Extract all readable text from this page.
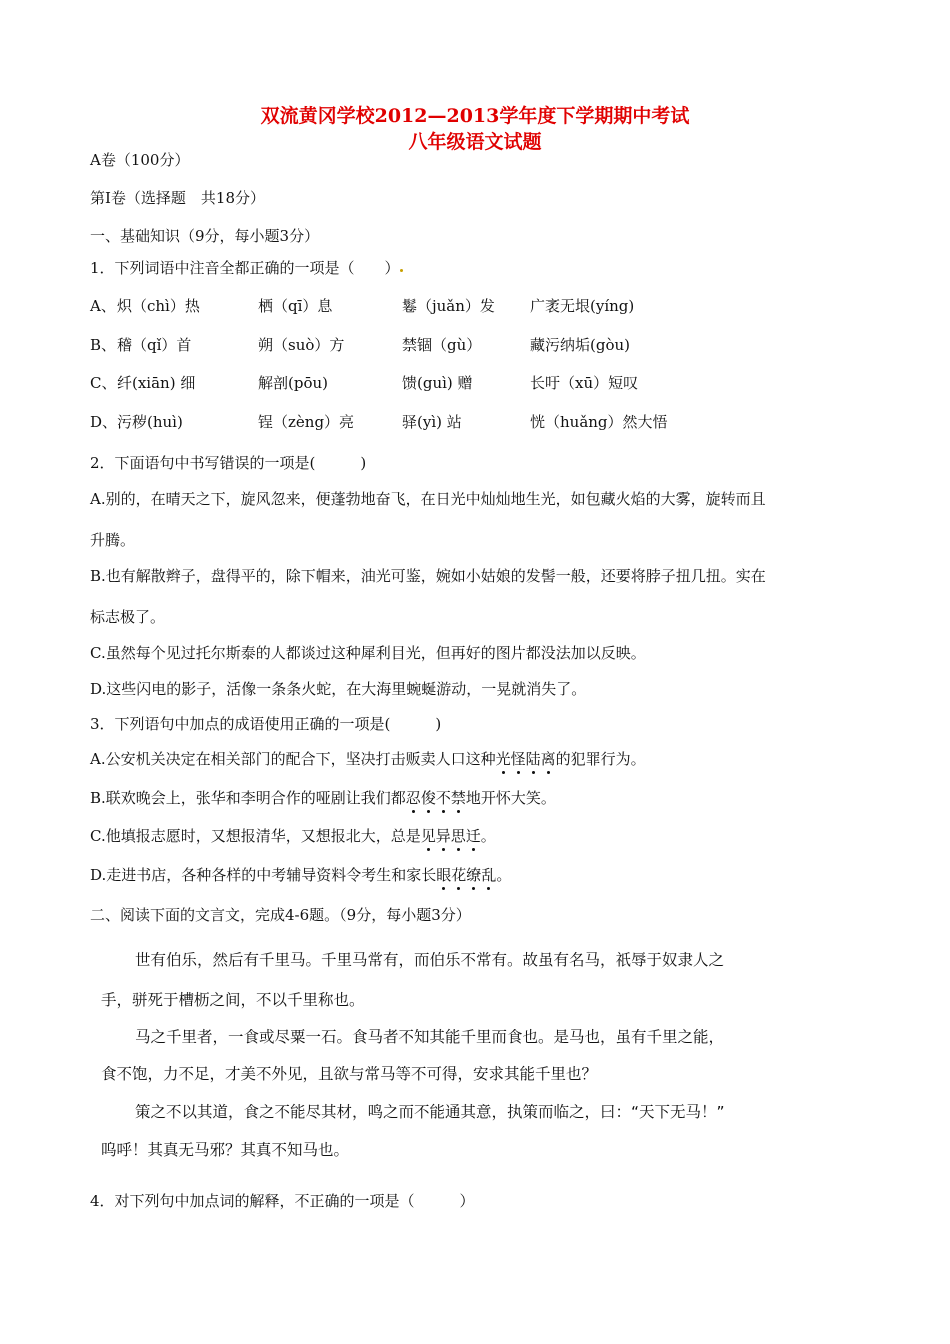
双流黄冈学校2012—2013学年度下学期期中考试
八年级语文试题
A卷（100分）
第Ⅰ卷（选择题　共18分）
一、基础知识（9分，每小题3分）
1．下列词语中注音全都正确的一项是（　　）
A、 炽（chì）热	栖（qī）息	鬈（juǎn）发 广袤无垠(yíng)
B、 稽（qǐ）首	朔（suò）方	禁锢（gù）	藏污纳垢(gòu)
C、 纤(xiān) 细	解剖(pōu)	馈(guì) 赠	长吁（xū）短叹
D、 污秽(huì)	锃（zèng）亮	驿(yì) 站	恍（huǎng）然大悟
2．下面语句中书写错误的一项是(　　　)
A.别的，在晴天之下，旋风忽来，便蓬勃地奋飞，在日光中灿灿地生光，如包藏火焰的大雾，旋转而且
升腾。
B.也有解散辫子，盘得平的，除下帽来，油光可鉴，婉如小姑娘的发髻一般，还要将脖子扭几扭。实在
标志极了。
C.虽然每个见过托尔斯泰的人都谈过这种犀利目光，但再好的图片都没法加以反映。
D.这些闪电的影子，活像一条条火蛇，在大海里蜿蜒游动，一晃就消失了。
3．下列语句中加点的成语使用正确的一项是(　　　)
A.公安机关决定在相关部门的配合下，坚决打击贩卖人口这种光怪陆离的犯罪行为。
B.联欢晚会上，张华和李明合作的哑剧让我们都忍俊不禁地开怀大笑。
C.他填报志愿时，又想报清华，又想报北大，总是见异思迁。
D.走进书店，各种各样的中考辅导资料令考生和家长眼花缭乱。
二、阅读下面的文言文，完成4-6题。（9分，每小题3分）
世有伯乐，然后有千里马。千里马常有，而伯乐不常有。故虽有名马，祇辱于奴隶人之
手，骈死于槽枥之间，不以千里称也。
马之千里者，一食或尽粟一石。食马者不知其能千里而食也。是马也，虽有千里之能，
食不饱，力不足，才美不外见，且欲与常马等不可得，安求其能千里也？
策之不以其道，食之不能尽其材，鸣之而不能通其意，执策而临之，曰：“天下无马！”
呜呼！其真无马邪？其真不知马也。
4．对下列句中加点词的解释，不正确的一项是（　　　）
